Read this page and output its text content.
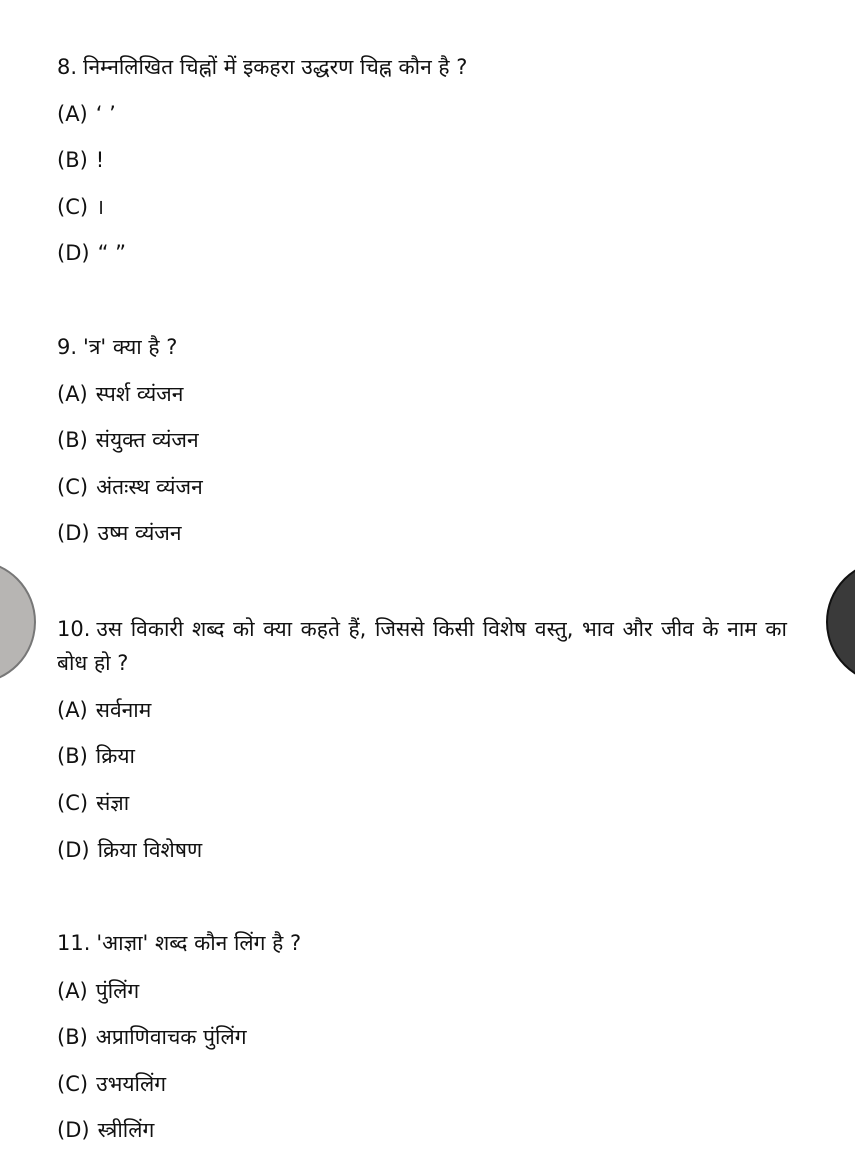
8. निम्नलिखित चिह्नों में इकहरा उद्धरण चिह्न कौन है ?

(A) ‘ ’

(B) !

(C) ।

(D) “ ”

9. 'त्र' क्या है ?

(A) स्पर्श व्यंजन

(B) संयुक्त व्यंजन

(C) अंतःस्थ व्यंजन

(D) उष्म व्यंजन

10. उस विकारी शब्द को क्या कहते हैं, जिससे किसी विशेष वस्तु, भाव और जीव के नाम का बोध हो ?

(A) सर्वनाम

(B) क्रिया

(C) संज्ञा

(D) क्रिया विशेषण

11. 'आज्ञा' शब्द कौन लिंग है ?

(A) पुंलिंग

(B) अप्राणिवाचक पुंलिंग

(C) उभयलिंग

(D) स्त्रीलिंग
